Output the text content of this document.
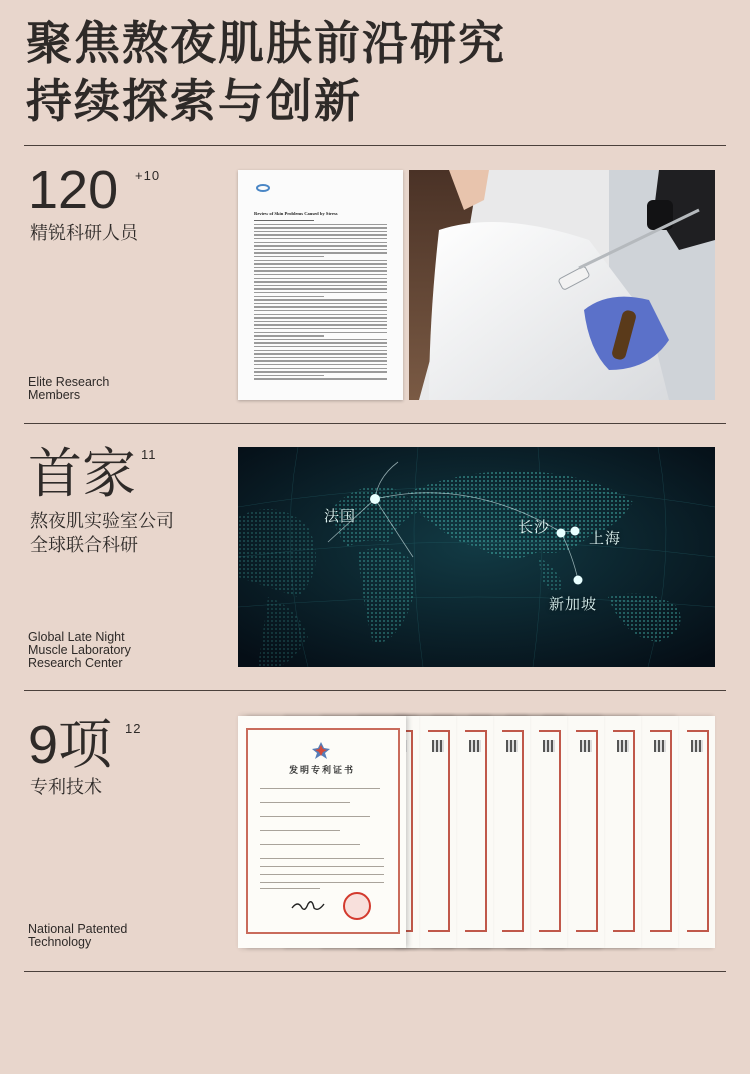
聚焦熬夜肌肤前沿研究
持续探索与创新
120 +10
精锐科研人员
Elite Research
Members
Review of Skin Problems Caused by Stress
首家 11
熬夜肌实验室公司
全球联合科研
Global Late Night
Muscle Laboratory
Research Center
法国
长沙
上海
新加坡
9项 12
专利技术
National Patented
Technology
发明专利证书
